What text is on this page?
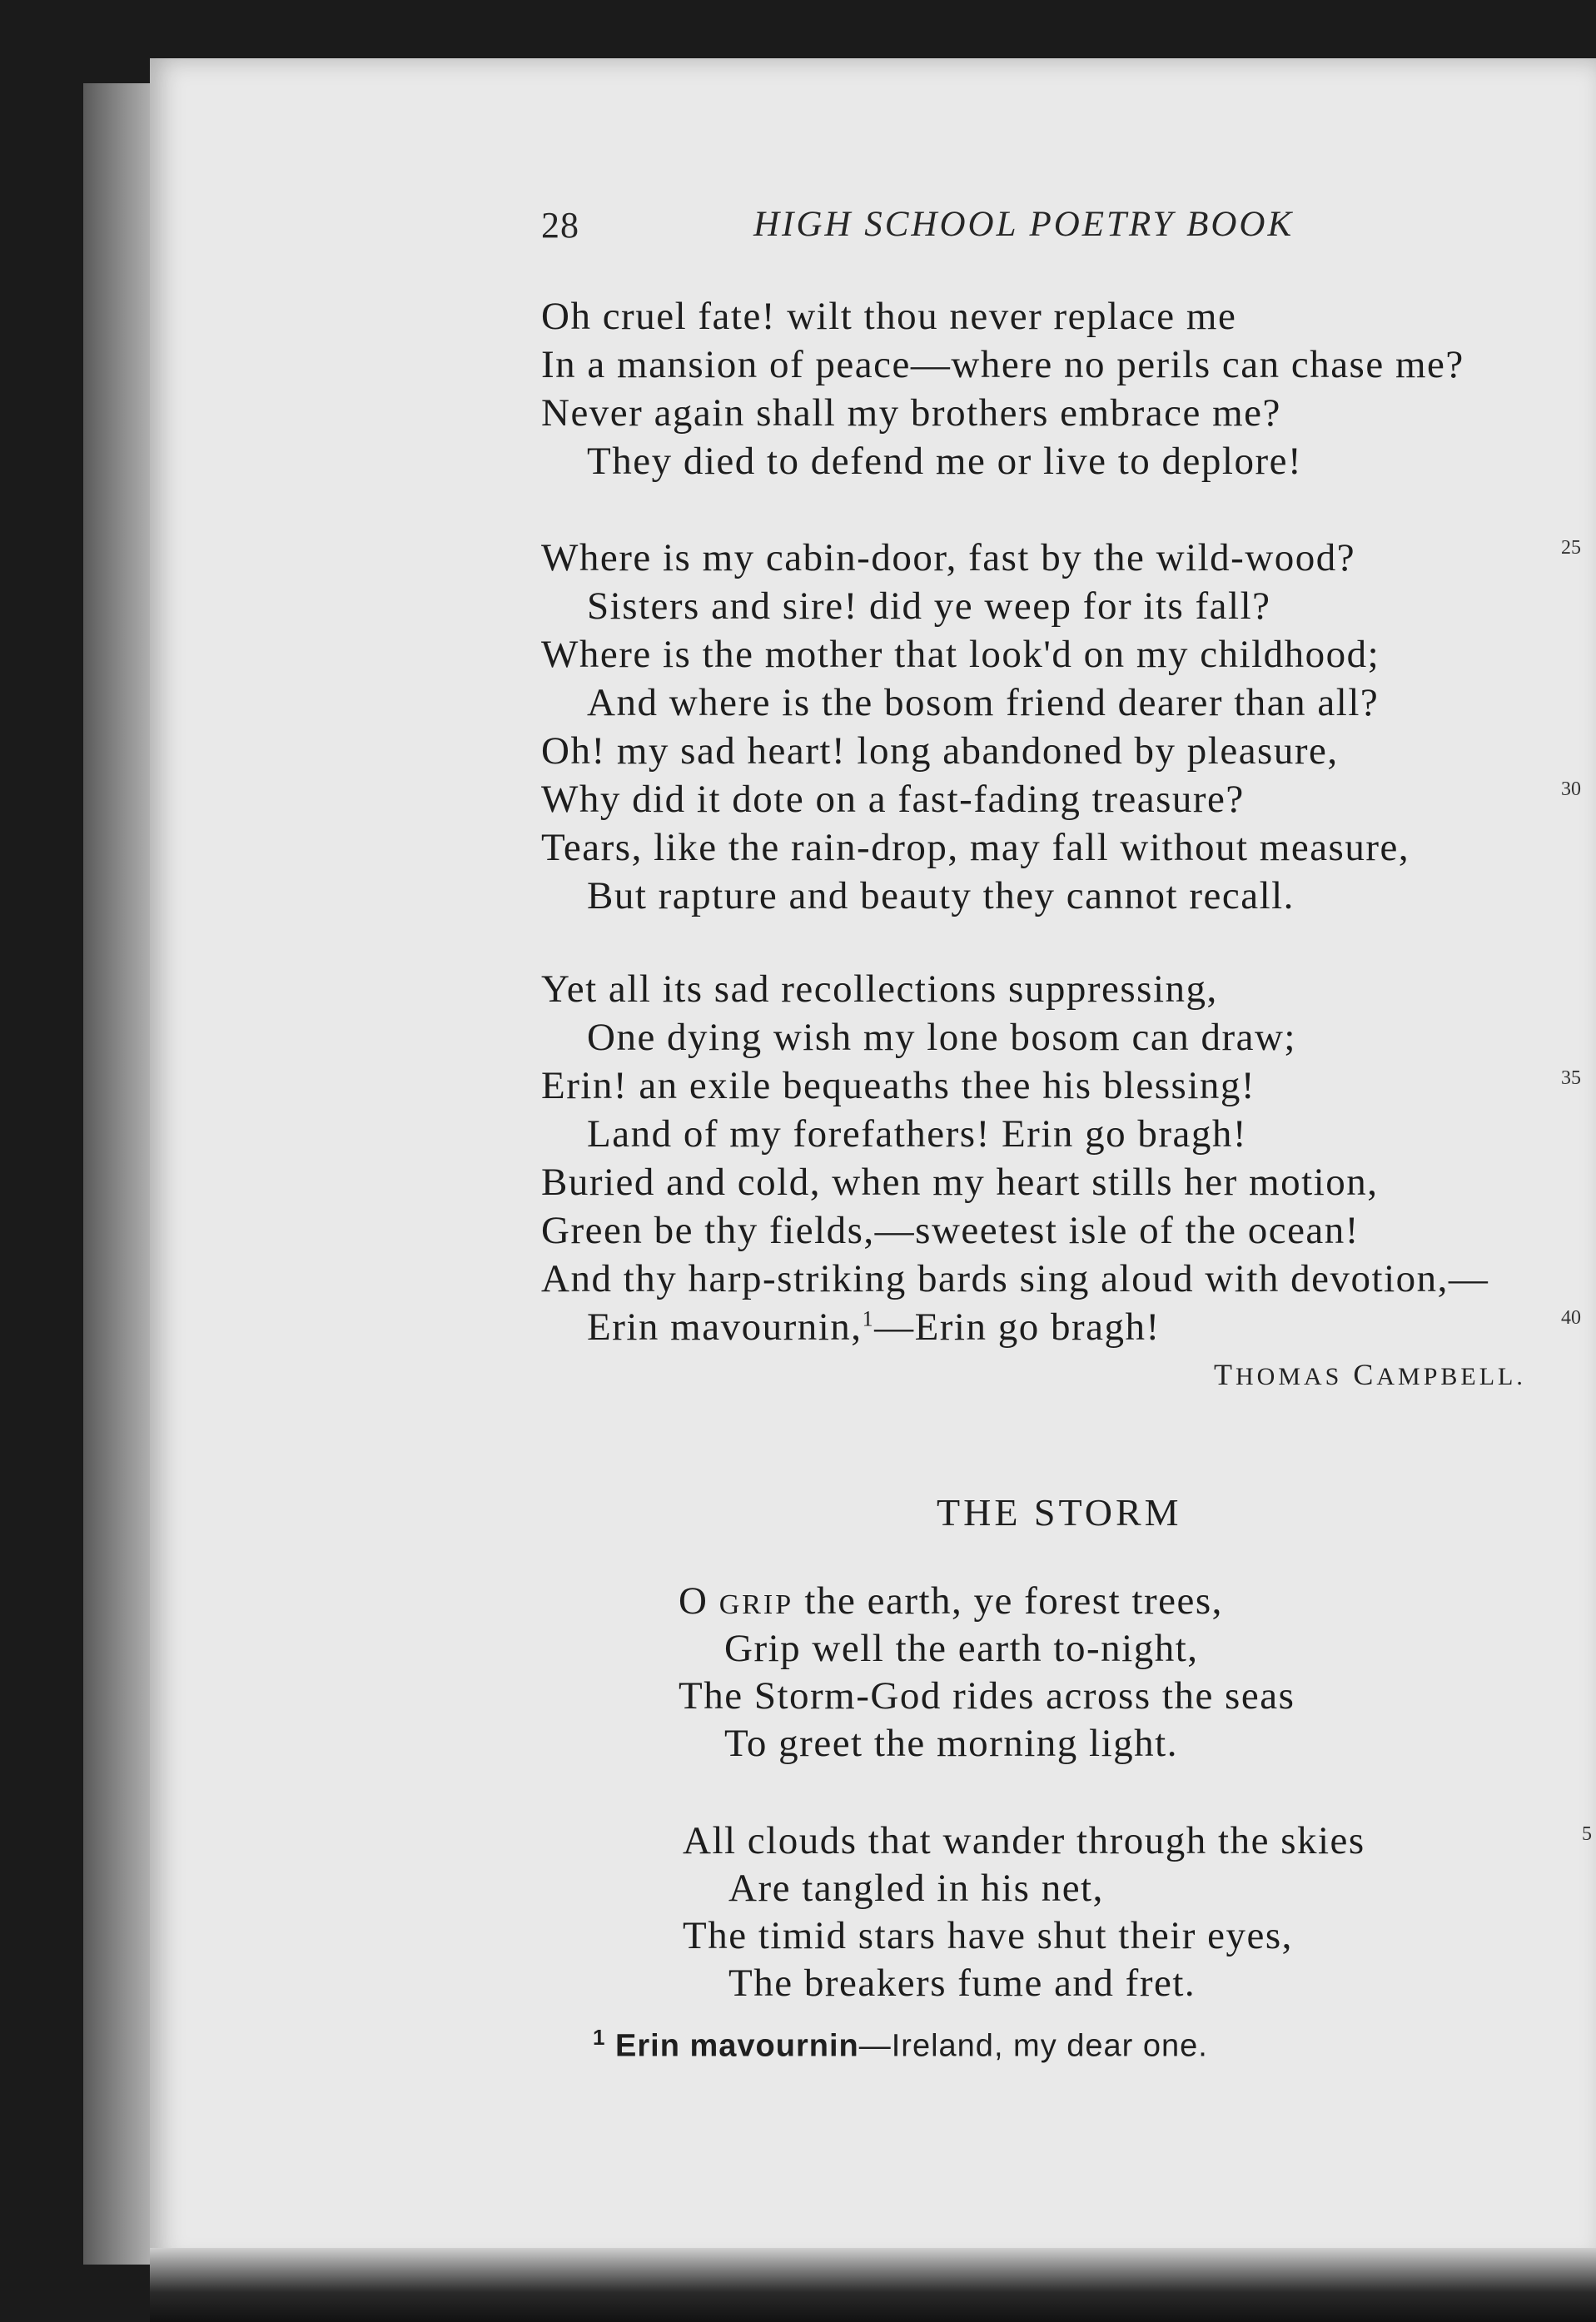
28	HIGH SCHOOL POETRY BOOK
Oh cruel fate! wilt thou never replace me
In a mansion of peace—where no perils can chase me?
Never again shall my brothers embrace me?
They died to defend me or live to deplore!
Where is my cabin-door, fast by the wild-wood?
Sisters and sire! did ye weep for its fall?
Where is the mother that look'd on my childhood;
And where is the bosom friend dearer than all?
Oh! my sad heart! long abandoned by pleasure,
Why did it dote on a fast-fading treasure?
Tears, like the rain-drop, may fall without measure,
But rapture and beauty they cannot recall.
Yet all its sad recollections suppressing,
One dying wish my lone bosom can draw;
Erin! an exile bequeaths thee his blessing!
Land of my forefathers! Erin go bragh!
Buried and cold, when my heart stills her motion,
Green be thy fields,—sweetest isle of the ocean!
And thy harp-striking bards sing aloud with devotion,—
Erin mavournin,$^1$—Erin go bragh!
25
30
35
40
THOMAS CAMPBELL.
THE STORM
O GRIP the earth, ye forest trees,
Grip well the earth to-night,
The Storm-God rides across the seas
To greet the morning light.
All clouds that wander through the skies
Are tangled in his net,
The timid stars have shut their eyes,
The breakers fume and fret.
5
$^1$ Erin mavournin—Ireland, my dear one.
